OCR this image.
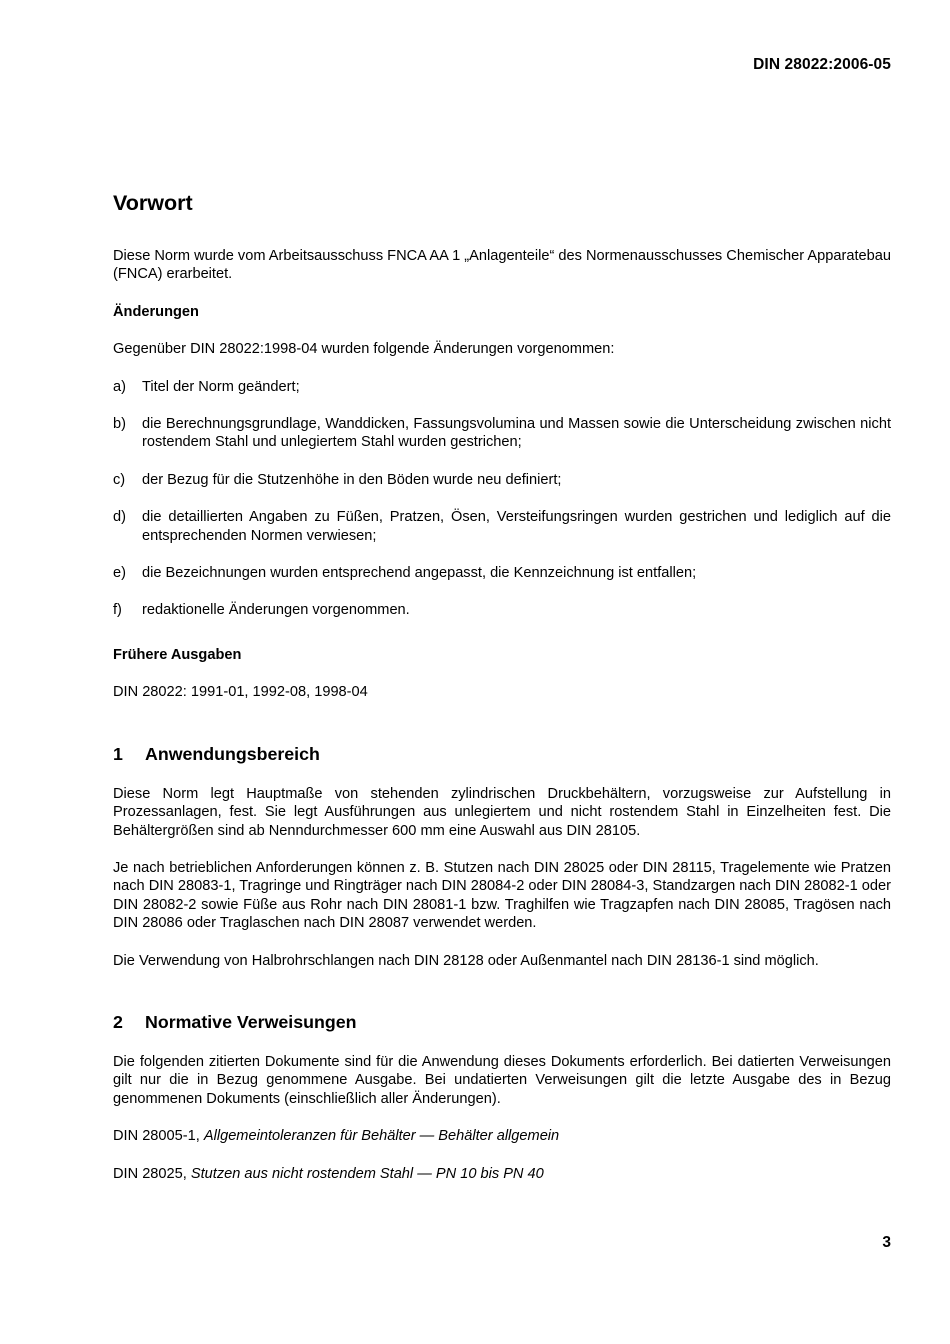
DIN 28022:2006-05
Vorwort

Diese Norm wurde vom Arbeitsausschuss FNCA AA 1 „Anlagenteile“ des Normenausschusses Chemischer Apparatebau (FNCA) erarbeitet.

Änderungen

Gegenüber DIN 28022:1998-04 wurden folgende Änderungen vorgenommen:

a)	Titel der Norm geändert;
b)	die Berechnungsgrundlage, Wanddicken, Fassungsvolumina und Massen sowie die Unterscheidung zwischen nicht rostendem Stahl und unlegiertem Stahl wurden gestrichen;
c)	der Bezug für die Stutzenhöhe in den Böden wurde neu definiert;
d)	die detaillierten Angaben zu Füßen, Pratzen, Ösen, Versteifungsringen wurden gestrichen und lediglich auf die entsprechenden Normen verwiesen;
e)	die Bezeichnungen wurden entsprechend angepasst, die Kennzeichnung ist entfallen;
f)	redaktionelle Änderungen vorgenommen.

Frühere Ausgaben

DIN 28022: 1991-01, 1992-08, 1998-04

1	Anwendungsbereich

Diese Norm legt Hauptmaße von stehenden zylindrischen Druckbehältern, vorzugsweise zur Aufstellung in Prozessanlagen, fest. Sie legt Ausführungen aus unlegiertem und nicht rostendem Stahl in Einzelheiten fest. Die Behältergrößen sind ab Nenndurchmesser 600 mm eine Auswahl aus DIN 28105.

Je nach betrieblichen Anforderungen können z. B. Stutzen nach DIN 28025 oder DIN 28115, Tragelemente wie Pratzen nach DIN 28083-1, Tragringe und Ringträger nach DIN 28084-2 oder DIN 28084-3, Standzargen nach DIN 28082-1 oder DIN 28082-2 sowie Füße aus Rohr nach DIN 28081-1 bzw. Traghilfen wie Tragzapfen nach DIN 28085, Tragösen nach DIN 28086 oder Traglaschen nach DIN 28087 verwendet werden.

Die Verwendung von Halbrohrschlangen nach DIN 28128 oder Außenmantel nach DIN 28136-1 sind möglich.

2	Normative Verweisungen

Die folgenden zitierten Dokumente sind für die Anwendung dieses Dokuments erforderlich. Bei datierten Verweisungen gilt nur die in Bezug genommene Ausgabe. Bei undatierten Verweisungen gilt die letzte Ausgabe des in Bezug genommenen Dokuments (einschließlich aller Änderungen).

DIN 28005-1, Allgemeintoleranzen für Behälter — Behälter allgemein

DIN 28025, Stutzen aus nicht rostendem Stahl — PN 10 bis PN 40

3
